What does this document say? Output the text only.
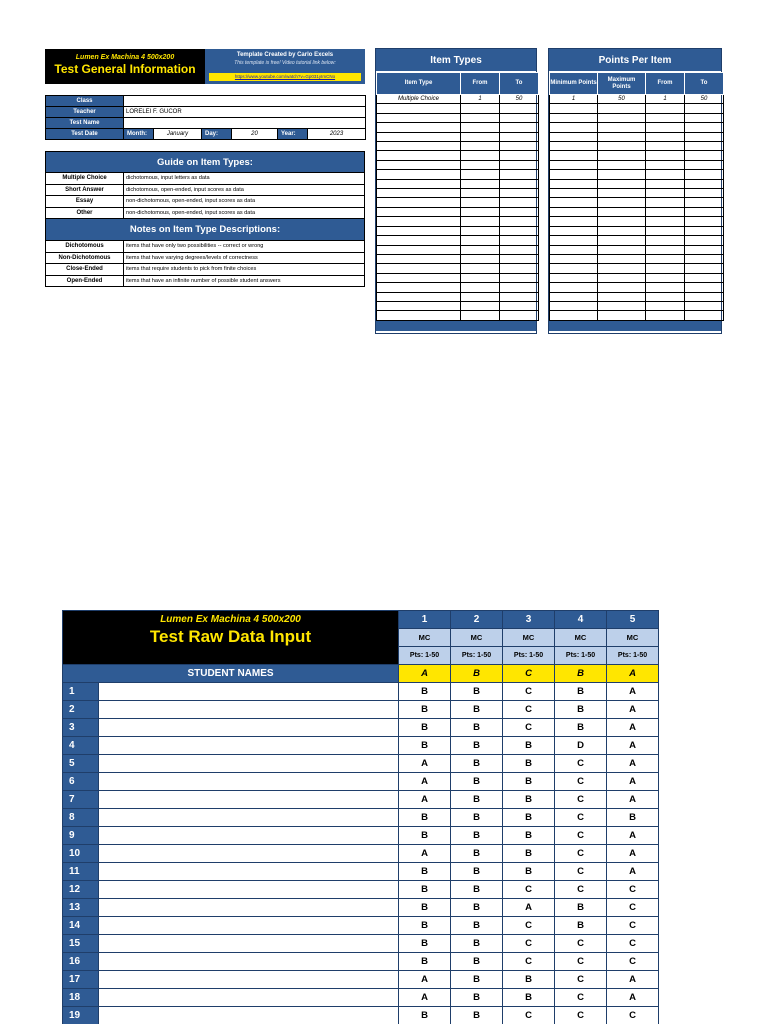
Lumen Ex Machina 4 500x200
Test General Information
Template Created by Carlo Excels
This template is free! Video tutorial link below:
https://www.youtube.com/watch?v=Gp031yImCNo
Class						
Teacher	LORELEI F. GUCOR					
Test Name						
Test Date	Month:	January	Day:	20	Year:	2023
Guide on Item Types:
Multiple Choice	dichotomous, input letters as data
Short Answer	dichotomous, open-ended, input scores as data
Essay	non-dichotomous, open-ended, input scores as data
Other	non-dichotomous, open-ended, input scores as data
Notes on Item Type Descriptions:
Dichotomous	items that have only two possibilities -- correct or wrong
Non-Dichotomous	items that have varying degrees/levels of correctness
Close-Ended	items that require students to pick from finite choices
Open-Ended	items that have an infinite number of possible student answers
Item Types
Item Type	From	To
Multiple Choice	1	50

Points Per Item
Minimum Points	Maximum Points	From	To
1	50	1	50

Lumen Ex Machina 4 500x200
Test Raw Data Input		1	2	3	4	5
		MC	MC	MC	MC	MC
		Pts: 1-50	Pts: 1-50	Pts: 1-50	Pts: 1-50	Pts: 1-50
STUDENT NAMES		A	B	C	B	A
1		B	B	C	B	A
2		B	B	C	B	A
3		B	B	C	B	A
4		B	B	B	D	A
5		A	B	B	C	A
6		A	B	B	C	A
7		A	B	B	C	A
8		B	B	B	C	B
9		B	B	B	C	A
10		A	B	B	C	A
11		B	B	B	C	A
12		B	B	C	C	C
13		B	B	A	B	C
14		B	B	C	B	C
15		B	B	C	C	C
16		B	B	C	C	C
17		A	B	B	C	A
18		A	B	B	C	A
19		B	B	C	C	C
